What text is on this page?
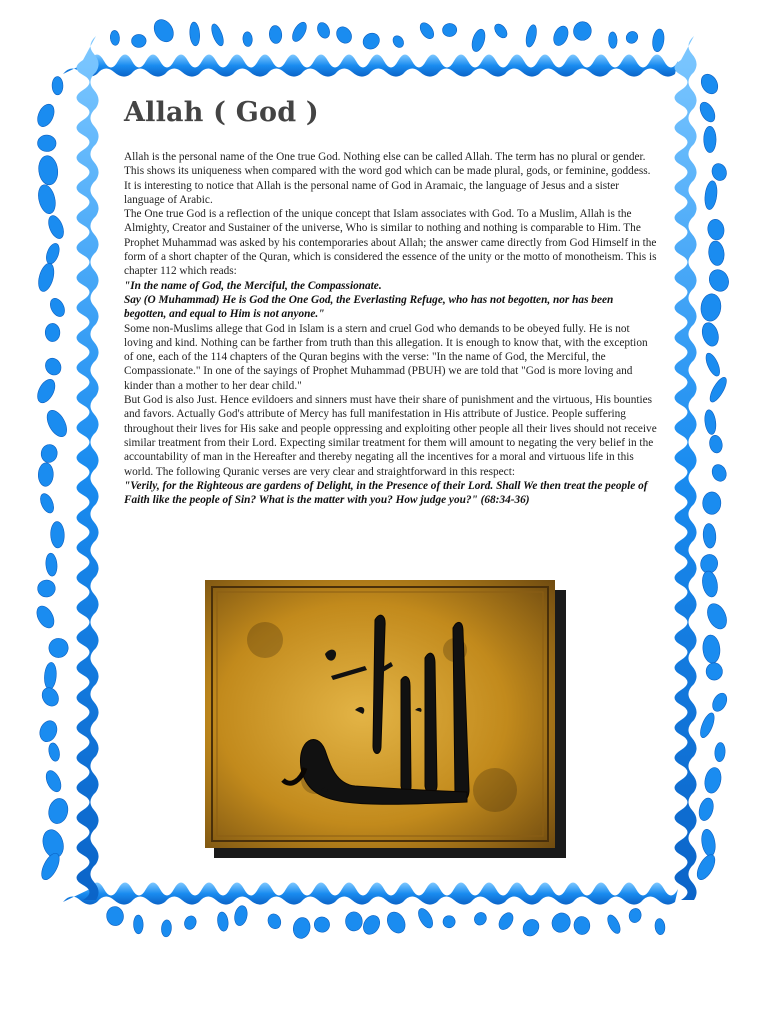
Allah ( God )

Allah is the personal name of the One true God. Nothing else can be called Allah. The term has no plural or gender. This shows its uniqueness when compared with the word god which can be made plural, gods, or feminine, goddess. It is interesting to notice that Allah is the personal name of God in Aramaic, the language of Jesus and a sister language of Arabic.

The One true God is a reflection of the unique concept that Islam associates with God. To a Muslim, Allah is the Almighty, Creator and Sustainer of the universe, Who is similar to nothing and nothing is comparable to Him. The Prophet Muhammad was asked by his contemporaries about Allah; the answer came directly from God Himself in the form of a short chapter of the Quran, which is considered the essence of the unity or the motto of monotheism. This is chapter 112 which reads:

"In the name of God, the Merciful, the Compassionate.

Say (O Muhammad) He is God the One God, the Everlasting Refuge, who has not begotten, nor has been begotten, and equal to Him is not anyone."

Some non-Muslims allege that God in Islam is a stern and cruel God who demands to be obeyed fully. He is not loving and kind. Nothing can be farther from truth than this allegation. It is enough to know that, with the exception of one, each of the 114 chapters of the Quran begins with the verse: "In the name of God, the Merciful, the Compassionate." In one of the sayings of Prophet Muhammad (PBUH) we are told that "God is more loving and kinder than a mother to her dear child."

But God is also Just. Hence evildoers and sinners must have their share of punishment and the virtuous, His bounties and favors. Actually God's attribute of Mercy has full manifestation in His attribute of Justice. People suffering throughout their lives for His sake and people oppressing and exploiting other people all their lives should not receive similar treatment from their Lord. Expecting similar treatment for them will amount to negating the very belief in the accountability of man in the Hereafter and thereby negating all the incentives for a moral and virtuous life in this world. The following Quranic verses are very clear and straightforward in this respect:

"Verily, for the Righteous are gardens of Delight, in the Presence of their Lord. Shall We then treat the people of Faith like the people of Sin? What is the matter with you? How judge you?" (68:34-36)
